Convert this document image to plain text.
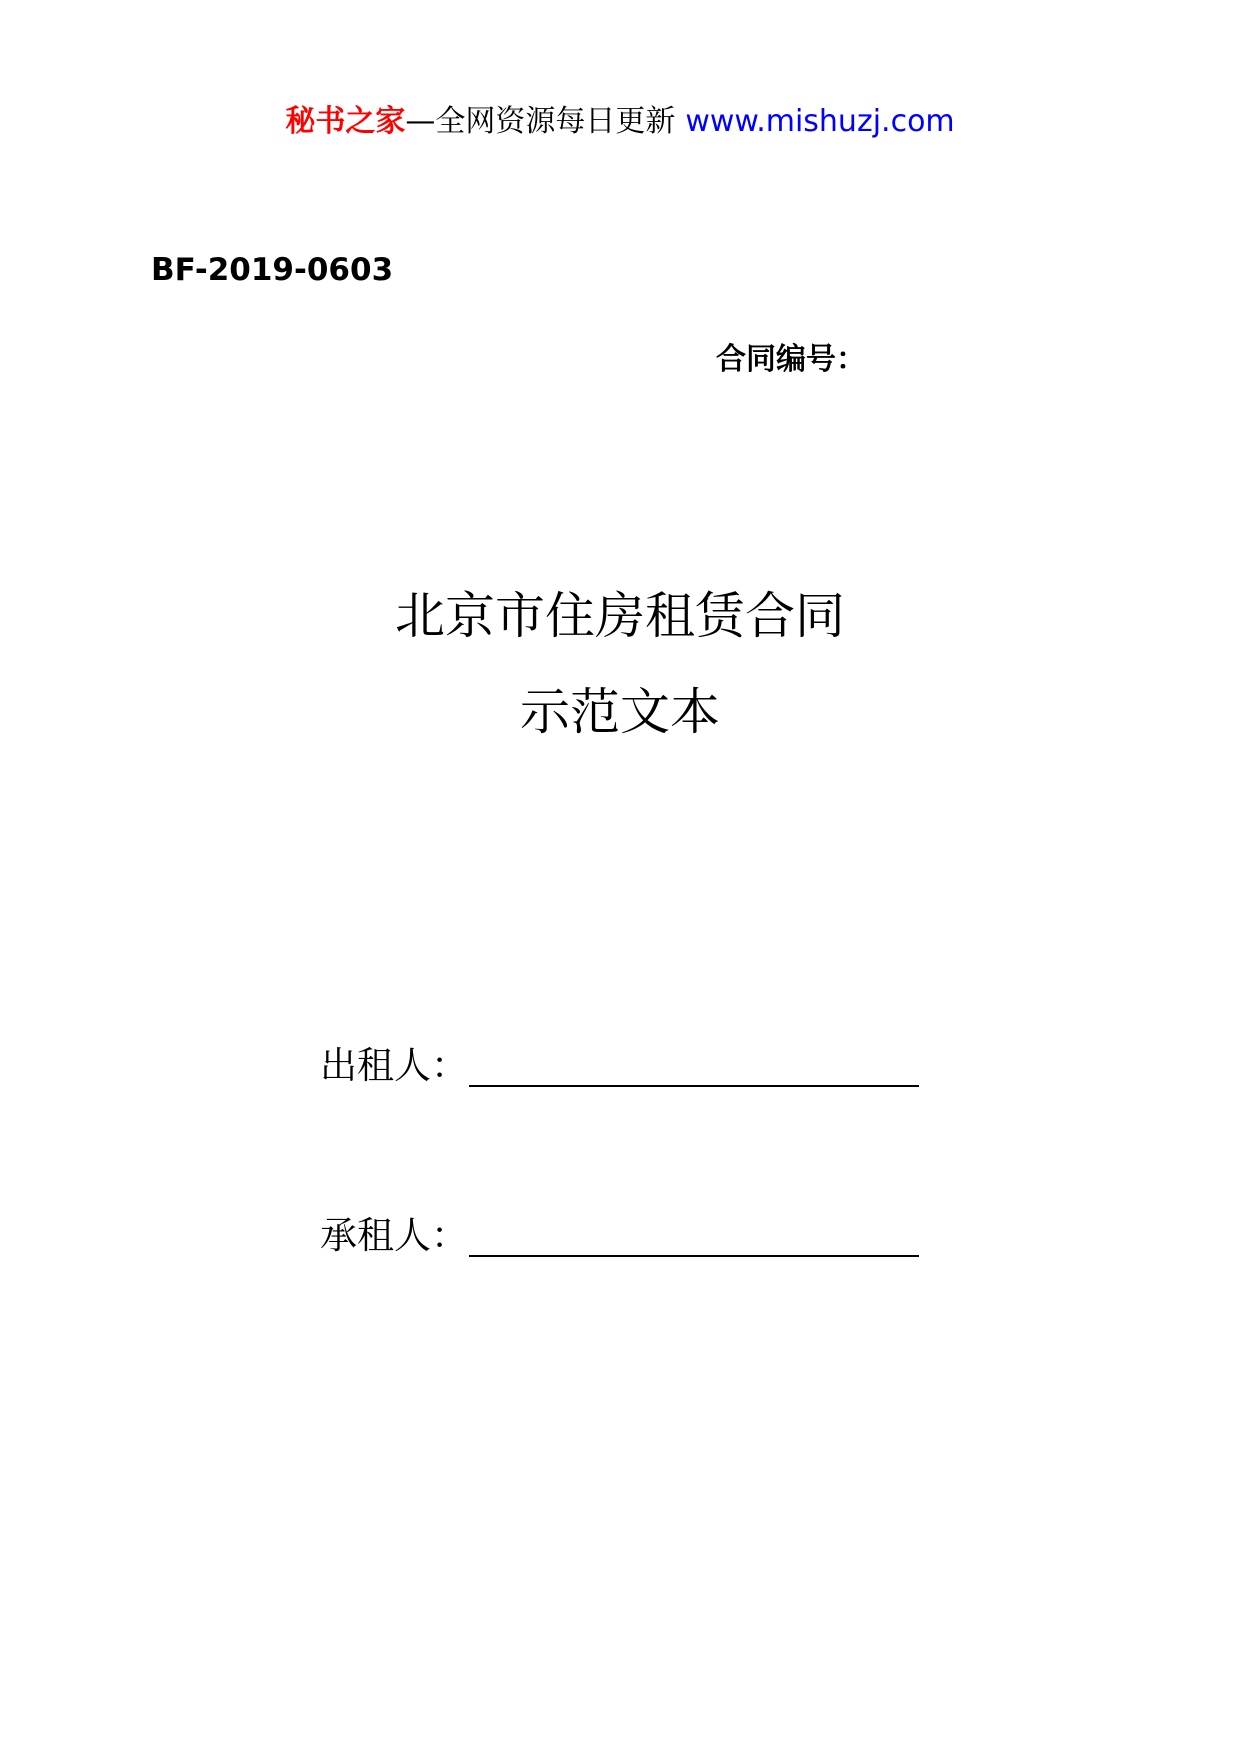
秘书之家—全网资源每日更新 www.mishuzj.com
BF-2019-0603
合同编号：
北京市住房租赁合同
示范文本
出租人：
承租人：
